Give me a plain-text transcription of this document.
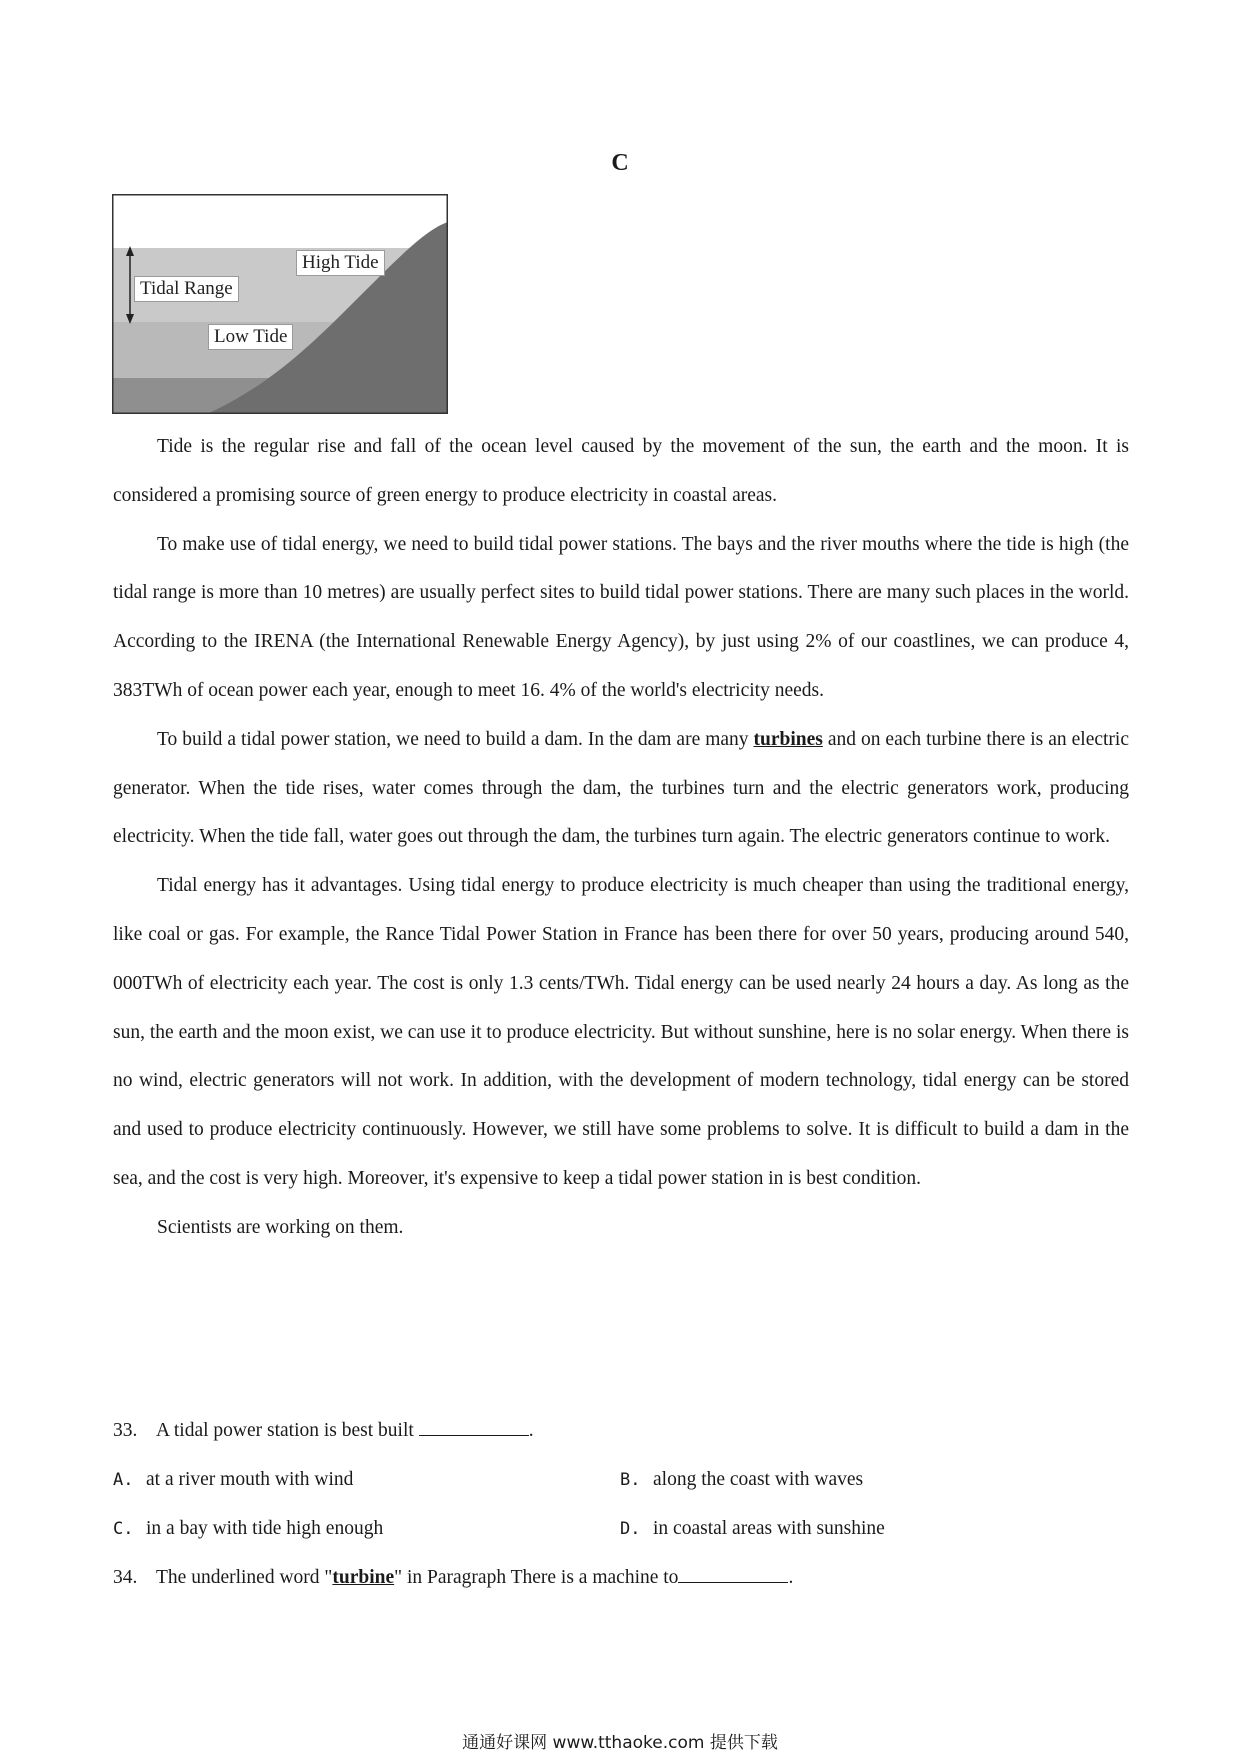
C
High Tide
Tidal Range
Low Tide

Tide is the regular rise and fall of the ocean level caused by the movement of the sun, the earth and the moon. It is considered a promising source of green energy to produce electricity in coastal areas.

To make use of tidal energy, we need to build tidal power stations. The bays and the river mouths where the tide is high (the tidal range is more than 10 metres) are usually perfect sites to build tidal power stations. There are many such places in the world. According to the IRENA (the International Renewable Energy Agency), by just using 2% of our coastlines, we can produce 4, 383TWh of ocean power each year, enough to meet 16. 4% of the world's electricity needs.

To build a tidal power station, we need to build a dam. In the dam are many turbines and on each turbine there is an electric generator. When the tide rises, water comes through the dam, the turbines turn and the electric generators work, producing electricity. When the tide fall, water goes out through the dam, the turbines turn again. The electric generators continue to work.

Tidal energy has it advantages. Using tidal energy to produce electricity is much cheaper than using the traditional energy, like coal or gas. For example, the Rance Tidal Power Station in France has been there for over 50 years, producing around 540, 000TWh of electricity each year. The cost is only 1.3 cents/TWh. Tidal energy can be used nearly 24 hours a day. As long as the sun, the earth and the moon exist, we can use it to produce electricity. But without sunshine, here is no solar energy. When there is no wind, electric generators will not work. In addition, with the development of modern technology, tidal energy can be stored and used to produce electricity continuously. However, we still have some problems to solve. It is difficult to build a dam in the sea, and the cost is very high. Moreover, it's expensive to keep a tidal power station in is best condition.

Scientists are working on them.

33. A tidal power station is best built	.
A. at a river mouth with wind	B. along the coast with waves
C. in a bay with tide high enough	D. in coastal areas with sunshine
34. The underlined word "turbine" in Paragraph There is a machine to	.
通通好课网 www.tthaoke.com 提供下载
